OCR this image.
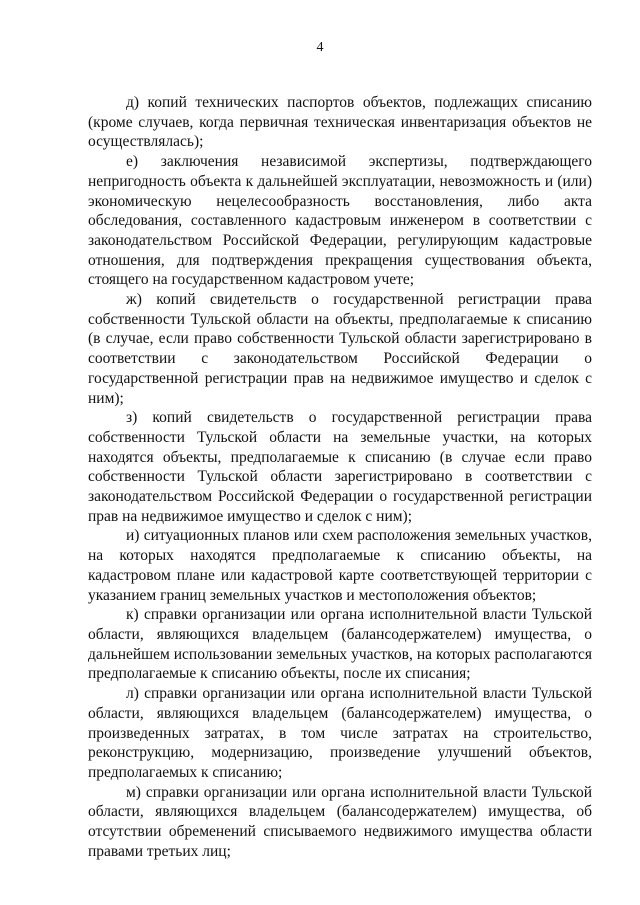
4

д) копий технических паспортов объектов, подлежащих списанию (кроме случаев, когда первичная техническая инвентаризация объектов не осуществлялась);

е) заключения независимой экспертизы, подтверждающего непригодность объекта к дальнейшей эксплуатации, невозможность и (или) экономическую нецелесообразность восстановления, либо акта обследования, составленного кадастровым инженером в соответствии с законодательством Российской Федерации, регулирующим кадастровые отношения, для подтверждения прекращения существования объекта, стоящего на государственном кадастровом учете;

ж) копий свидетельств о государственной регистрации права собственности Тульской области на объекты, предполагаемые к списанию (в случае, если право собственности Тульской области зарегистрировано в соответствии с законодательством Российской Федерации о государственной регистрации прав на недвижимое имущество и сделок с ним);

з) копий свидетельств о государственной регистрации права собственности Тульской области на земельные участки, на которых находятся объекты, предполагаемые к списанию (в случае если право собственности Тульской области зарегистрировано в соответствии с законодательством Российской Федерации о государственной регистрации прав на недвижимое имущество и сделок с ним);

и) ситуационных планов или схем расположения земельных участков, на которых находятся предполагаемые к списанию объекты, на кадастровом плане или кадастровой карте соответствующей территории с указанием границ земельных участков и местоположения объектов;

к) справки организации или органа исполнительной власти Тульской области, являющихся владельцем (балансодержателем) имущества, о дальнейшем использовании земельных участков, на которых располагаются предполагаемые к списанию объекты, после их списания;

л) справки организации или органа исполнительной власти Тульской области, являющихся владельцем (балансодержателем) имущества, о произведенных затратах, в том числе затратах на строительство, реконструкцию, модернизацию, произведение улучшений объектов, предполагаемых к списанию;

м) справки организации или органа исполнительной власти Тульской области, являющихся владельцем (балансодержателем) имущества, об отсутствии обременений списываемого недвижимого имущества области правами третьих лиц;
